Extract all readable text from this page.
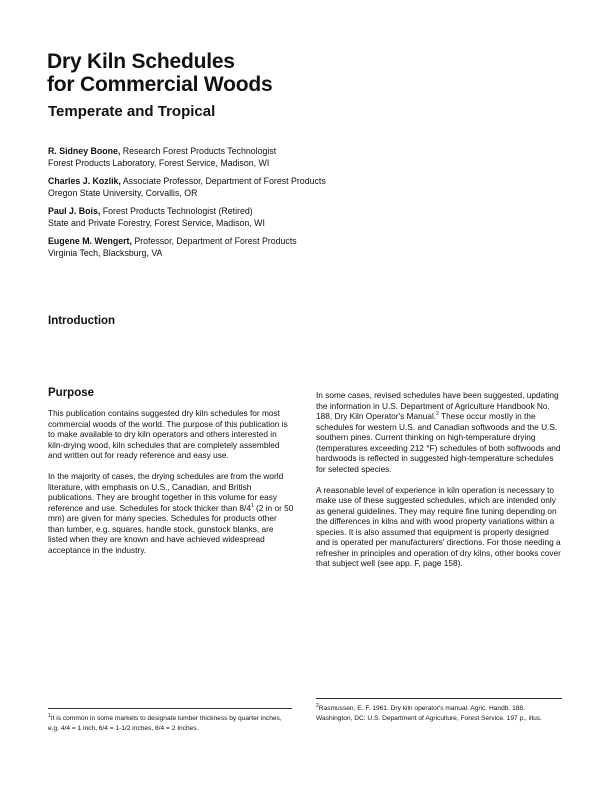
Dry Kiln Schedules
for Commercial Woods
Temperate and Tropical
R. Sidney Boone, Research Forest Products Technologist
Forest Products Laboratory, Forest Service, Madison, WI
Charles J. Kozlik, Associate Professor, Department of Forest Products
Oregon State University, Corvallis, OR
Paul J. Bois, Forest Products Technologist (Retired)
State and Private Forestry, Forest Service, Madison, WI
Eugene M. Wengert, Professor, Department of Forest Products
Virginia Tech, Blacksburg, VA
Introduction
Purpose

This publication contains suggested dry kiln schedules for most commercial woods of the world. The purpose of this publication is to make available to dry kiln operators and others interested in kiln-drying wood, kiln schedules that are completely assembled and written out for ready reference and easy use.

In the majority of cases, the drying schedules are from the world literature, with emphasis on U.S., Canadian, and British publications. They are brought together in this volume for easy reference and use. Schedules for stock thicker than $8/4^1$ (2 in or 50 mm) are given for many species. Schedules for products other than lumber, e.g. squares, handle stock, gunstock blanks, are listed when they are known and have achieved widespread acceptance in the industry.

In some cases, revised schedules have been suggested, updating the information in U.S. Department of Agriculture Handbook No. 188, Dry Kiln Operator's Manual.$^2$ These occur mostly in the schedules for western U.S. and Canadian softwoods and the U.S. southern pines. Current thinking on high-temperature drying (temperatures exceeding 212 °F) schedules of both softwoods and hardwoods is reflected in suggested high-temperature schedules for selected species.

A reasonable level of experience in kiln operation is necessary to make use of these suggested schedules, which are intended only as general guidelines. They may require fine tuning depending on the differences in kilns and with wood property variations within a species. It is also assumed that equipment is properly designed and is operated per manufacturers' directions. For those needing a refresher in principles and operation of dry kilns, other books cover that subject well (see app. F, page 158).

$^1$It is common in some markets to designate lumber thickness by quarter inches, e.g. 4/4 = 1 inch, 6/4 = 1-1/2 inches, 8/4 = 2 Inches.
$^2$Rasmussen, E. F. 1961. Dry kiln operator's manual. Agric. Handb. 188. Washington, DC: U.S. Department of Agriculture, Forest Service. 197 p., illus.
